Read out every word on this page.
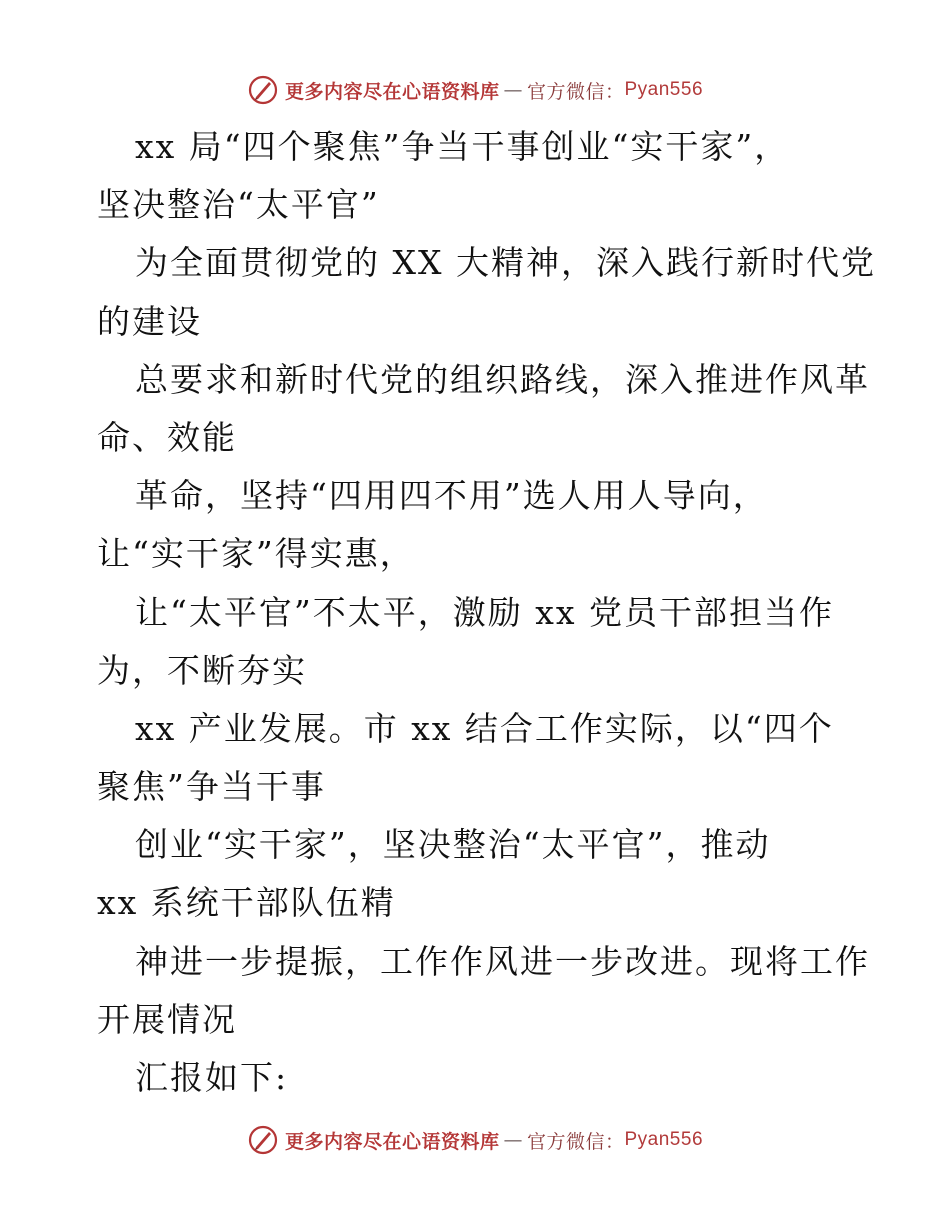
更多内容尽在心语资料库 — 官方微信： Pyan556
xx 局“四个聚焦”争当干事创业“实干家”，
坚决整治“太平官”
为全面贯彻党的 XX 大精神，深入践行新时代党
的建设
总要求和新时代党的组织路线，深入推进作风革
命、效能
革命，坚持“四用四不用”选人用人导向，
让“实干家”得实惠，
让“太平官”不太平，激励 xx 党员干部担当作
为，不断夯实
xx 产业发展。市 xx 结合工作实际，以“四个
聚焦”争当干事
创业“实干家”，坚决整治“太平官”，推动
xx 系统干部队伍精
神进一步提振，工作作风进一步改进。现将工作
开展情况
汇报如下:
更多内容尽在心语资料库 — 官方微信： Pyan556
